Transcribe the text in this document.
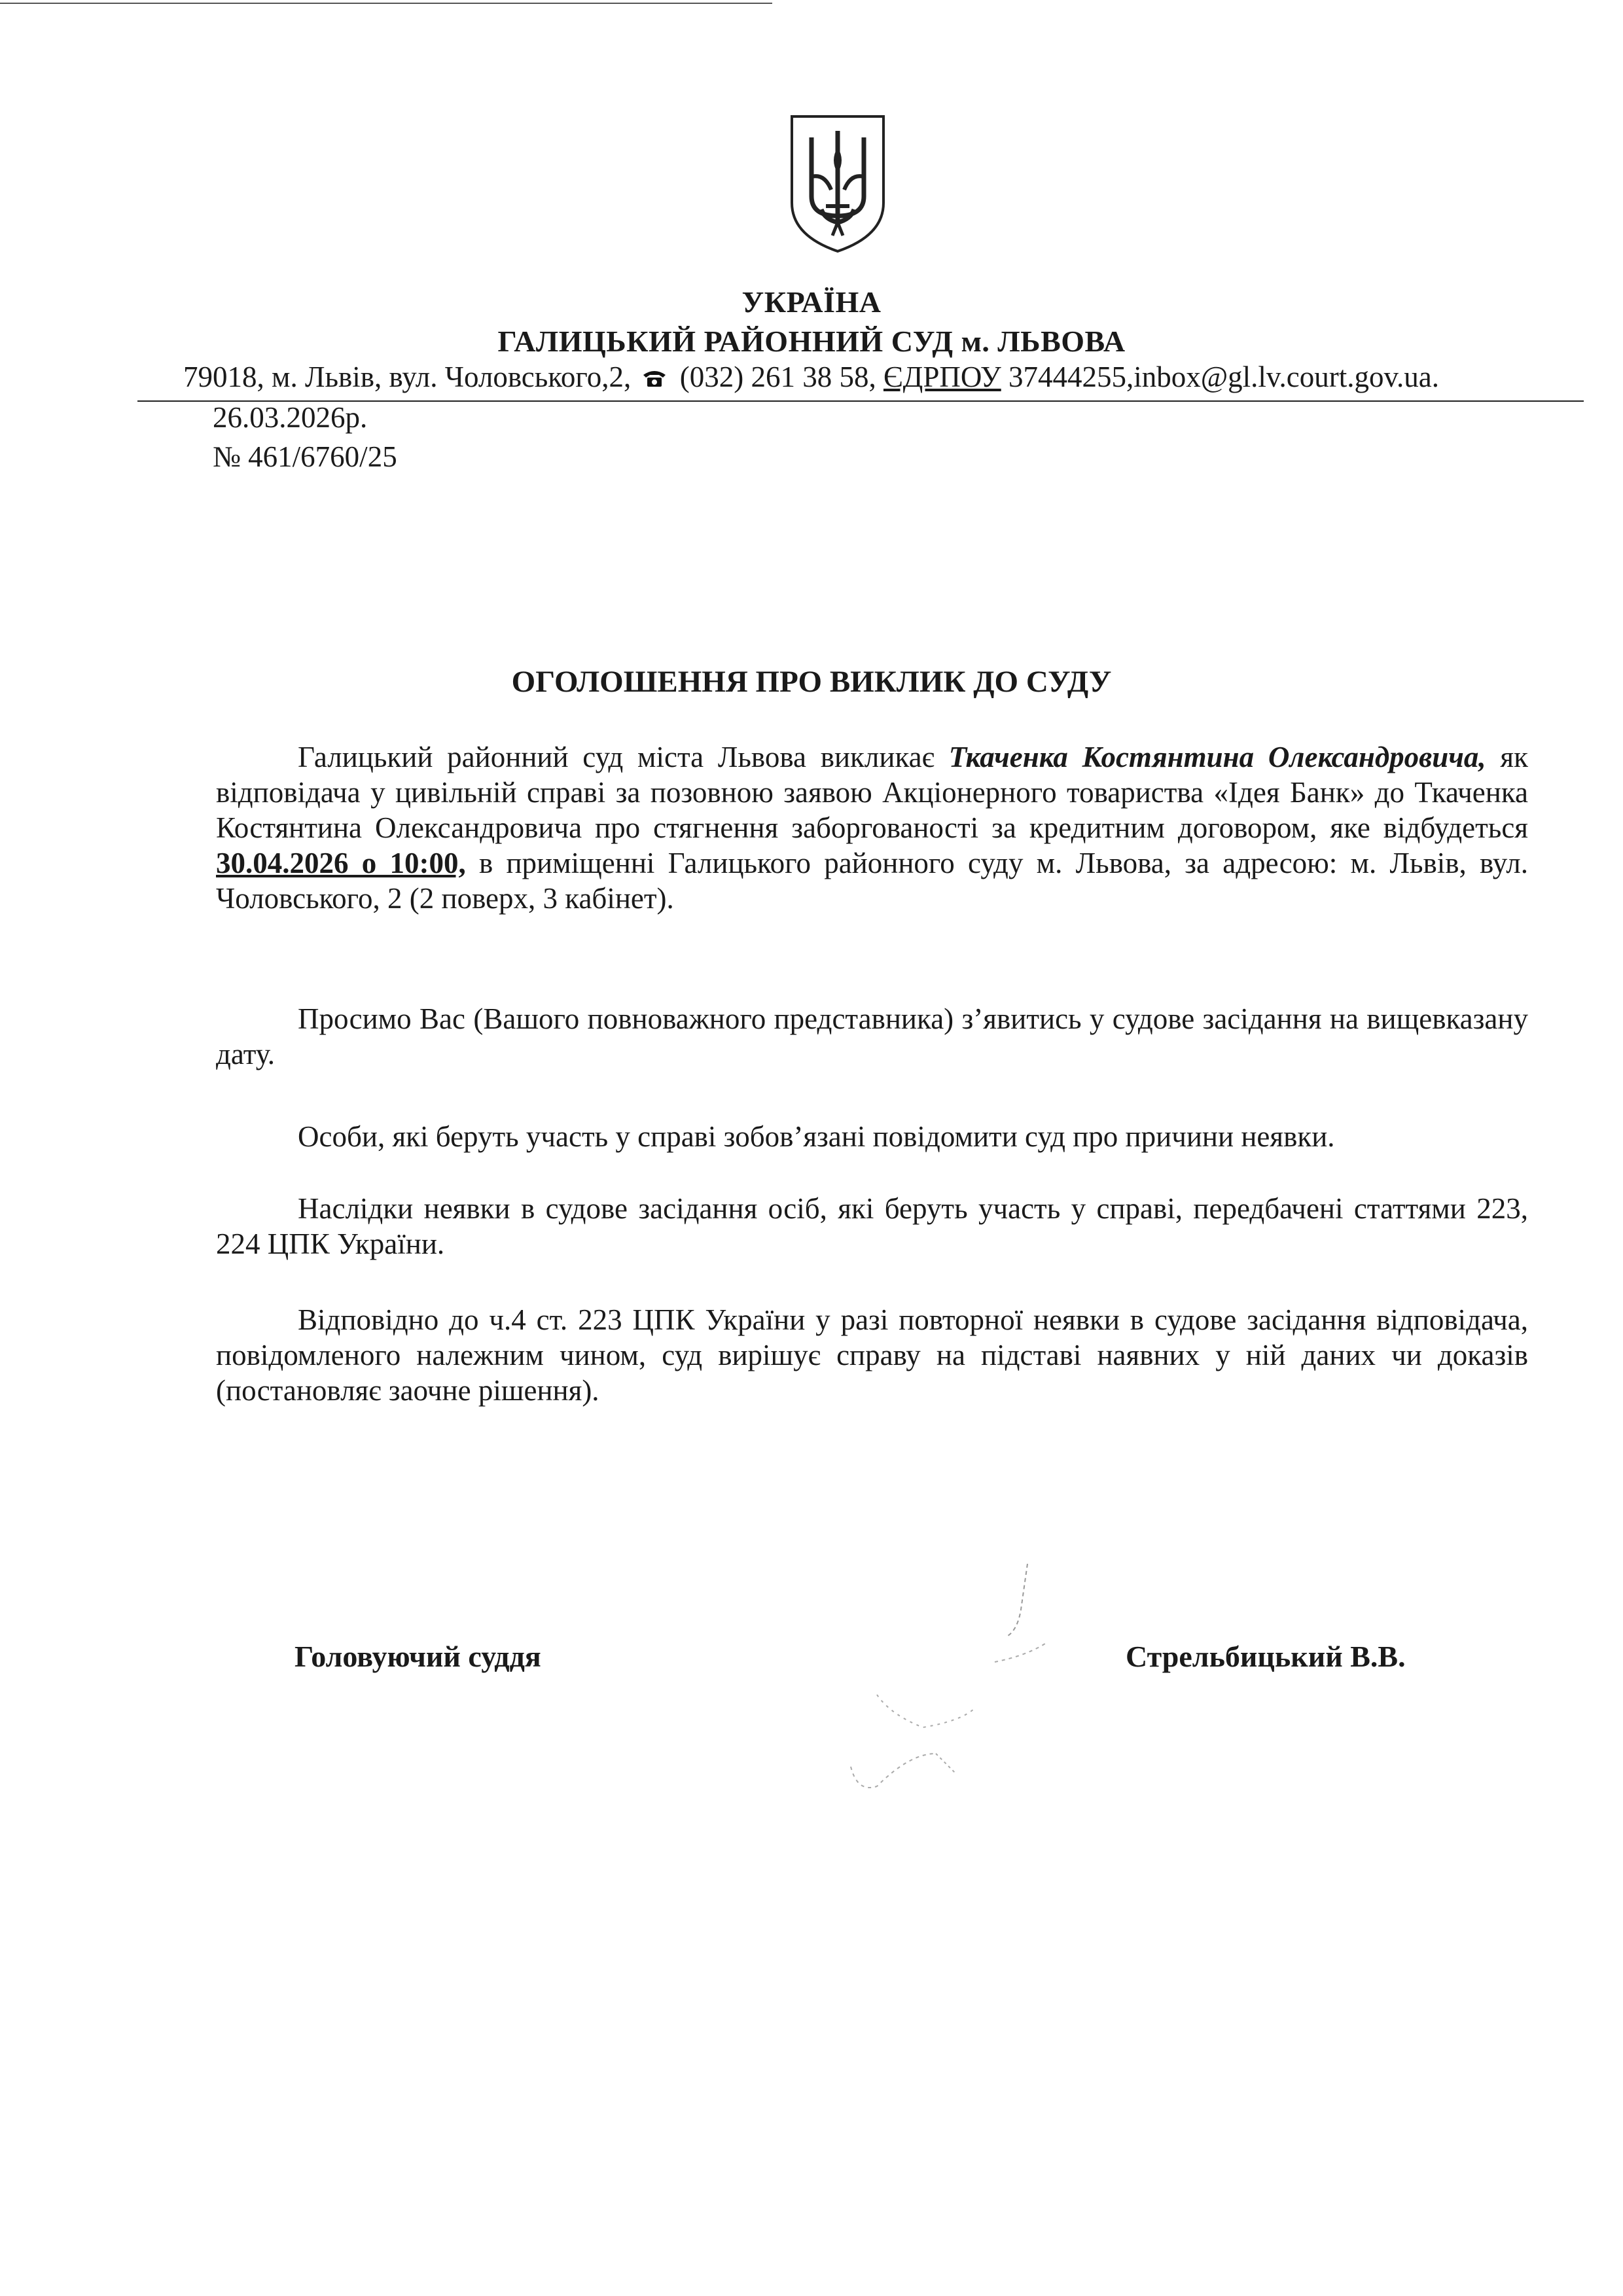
УКРАЇНА
ГАЛИЦЬКИЙ РАЙОННИЙ СУД м. ЛЬВОВА
79018, м. Львів, вул. Чоловського,2, (032) 261 38 58, ЄДРПОУ 37444255,inbox@gl.lv.court.gov.ua.
26.03.2026р.
№ 461/6760/25
ОГОЛОШЕННЯ ПРО ВИКЛИК ДО СУДУ

Галицький районний суд міста Львова викликає Ткаченка Костянтина Олександровича, як відповідача у цивільній справі за позовною заявою Акціонерного товариства «Ідея Банк» до Ткаченка Костянтина Олександровича про стягнення заборгованості за кредитним договором, яке відбудеться 30.04.2026 о 10:00, в приміщенні Галицького районного суду м. Львова, за адресою: м. Львів, вул. Чоловського, 2 (2 поверх, 3 кабінет).

Просимо Вас (Вашого повноважного представника) з’явитись у судове засідання на вищевказану дату.

Особи, які беруть участь у справі зобов’язані повідомити суд про причини неявки.

Наслідки неявки в судове засідання осіб, які беруть участь у справі, передбачені статтями 223, 224 ЦПК України.

Відповідно до ч.4 ст. 223 ЦПК України у разі повторної неявки в судове засідання відповідача, повідомленого належним чином, суд вирішує справу на підставі наявних у ній даних чи доказів (постановляє заочне рішення).

Головуючий суддя	Стрельбицький В.В.
